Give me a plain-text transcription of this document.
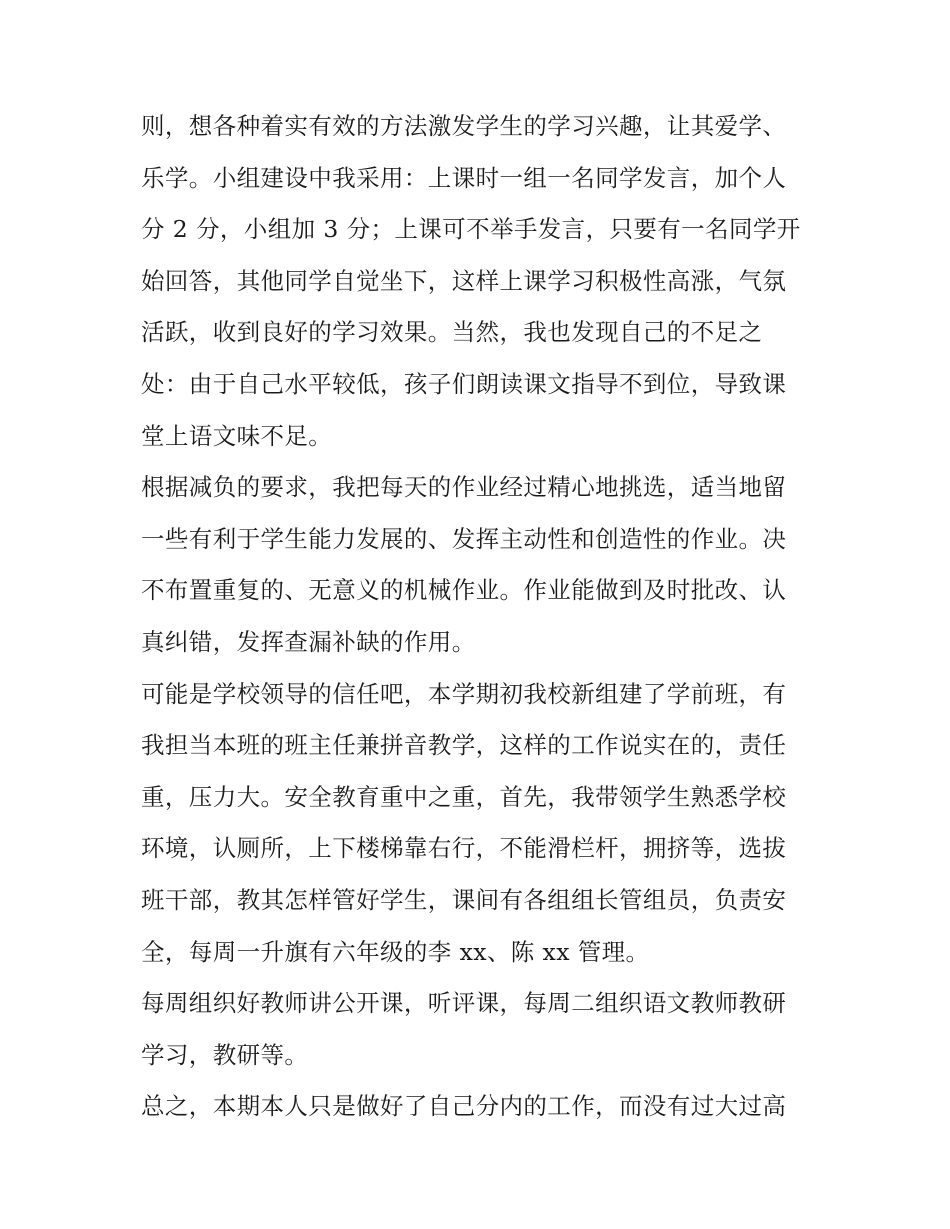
则，想各种着实有效的方法激发学生的学习兴趣，让其爱学、
乐学。小组建设中我采用：上课时一组一名同学发言，加个人
分 2 分，小组加 3 分；上课可不举手发言，只要有一名同学开
始回答，其他同学自觉坐下，这样上课学习积极性高涨，气氛
活跃，收到良好的学习效果。当然，我也发现自己的不足之
处：由于自己水平较低，孩子们朗读课文指导不到位，导致课
堂上语文味不足。
根据减负的要求，我把每天的作业经过精心地挑选，适当地留
一些有利于学生能力发展的、发挥主动性和创造性的作业。决
不布置重复的、无意义的机械作业。作业能做到及时批改、认
真纠错，发挥查漏补缺的作用。
可能是学校领导的信任吧，本学期初我校新组建了学前班，有
我担当本班的班主任兼拼音教学，这样的工作说实在的，责任
重，压力大。安全教育重中之重，首先，我带领学生熟悉学校
环境，认厕所，上下楼梯靠右行，不能滑栏杆，拥挤等，选拔
班干部，教其怎样管好学生，课间有各组组长管组员，负责安
全，每周一升旗有六年级的李 xx、陈 xx 管理。
每周组织好教师讲公开课，听评课，每周二组织语文教师教研
学习，教研等。
总之，本期本人只是做好了自己分内的工作，而没有过大过高
